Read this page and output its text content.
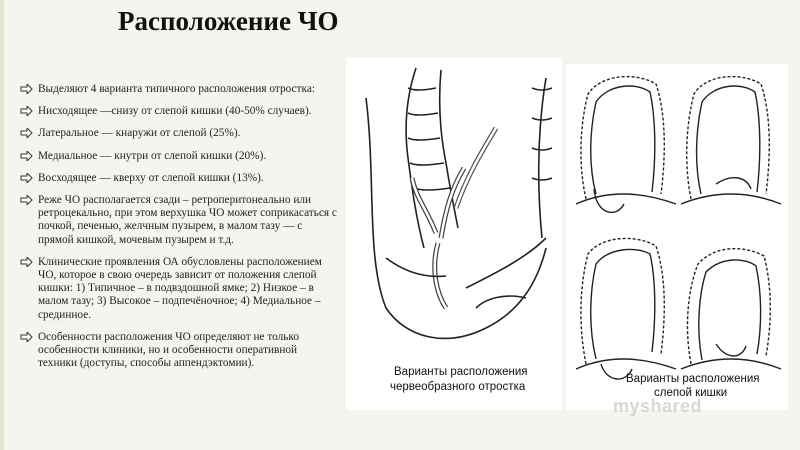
Расположение ЧО
Выделяют 4 варианта типичного расположения отростка:
Нисходящее —снизу от слепой кишки (40-50% случаев).
Латеральное — кнаружи от слепой (25%).
Медиальное — кнутри от слепой кишки (20%).
Восходящее — кверху от слепой кишки (13%).
Реже ЧО располагается сзади – ретроперитонеально или ретроцекально, при этом верхушка ЧО может соприкасаться с почкой, печенью, желчным пузырем, в малом тазу — с прямой кишкой, мочевым пузырем и т.д.
Клинические проявления ОА обусловлены расположением ЧО, которое в свою очередь зависит от положения слепой кишки: 1) Типичное – в подвздошной ямке; 2) Низкое – в малом тазу; 3) Высокое – подпечёночное; 4) Медиальное – срединное.
Особенности расположения ЧО определяют не только особенности клиники, но и особенности оперативной техники (доступы, способы аппендэктомии).
Варианты расположения
червеобразного отростка
Варианты расположения
слепой кишки
myshared
